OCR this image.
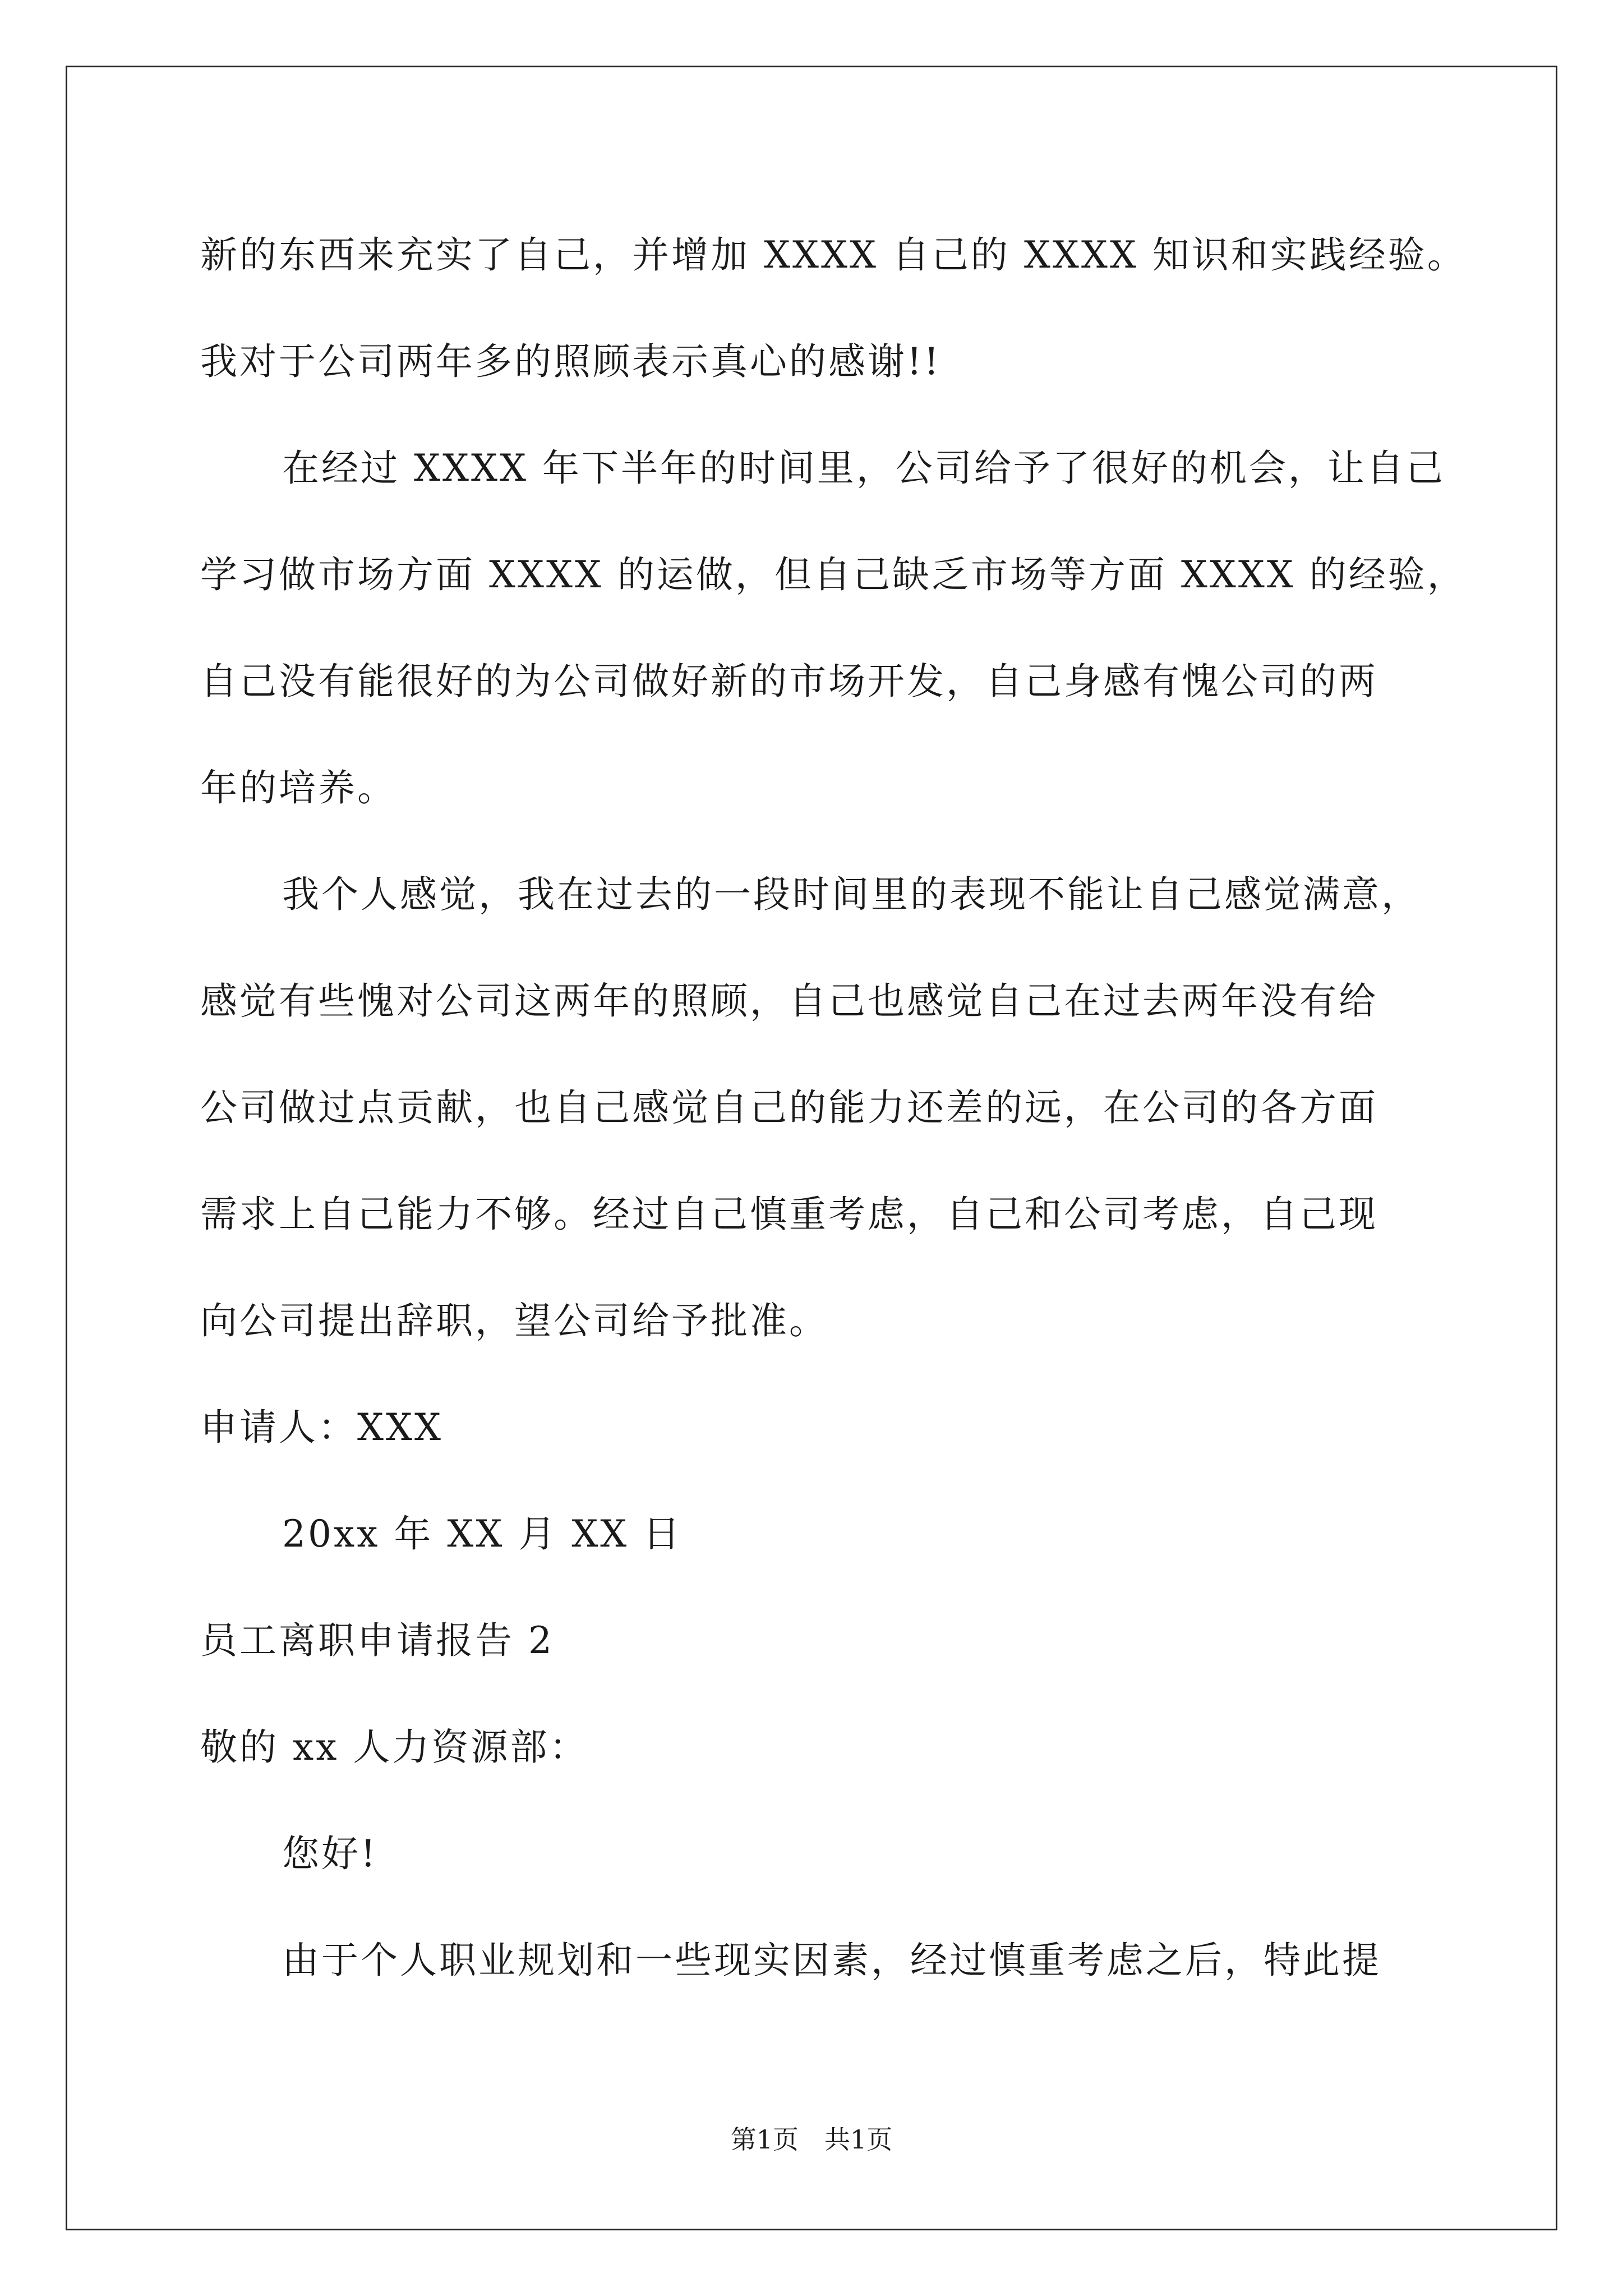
新的东西来充实了自己，并增加 XXXX 自己的 XXXX 知识和实践经验。
我对于公司两年多的照顾表示真心的感谢!!
在经过 XXXX 年下半年的时间里，公司给予了很好的机会，让自己
学习做市场方面 XXXX 的运做，但自己缺乏市场等方面 XXXX 的经验，
自己没有能很好的为公司做好新的市场开发，自己身感有愧公司的两
年的培养。
我个人感觉，我在过去的一段时间里的表现不能让自己感觉满意，
感觉有些愧对公司这两年的照顾，自己也感觉自己在过去两年没有给
公司做过点贡献，也自己感觉自己的能力还差的远，在公司的各方面
需求上自己能力不够。经过自己慎重考虑，自己和公司考虑，自己现
向公司提出辞职，望公司给予批准。
申请人：XXX
20xx 年 XX 月 XX 日
员工离职申请报告 2
敬的 xx 人力资源部：
您好!
由于个人职业规划和一些现实因素，经过慎重考虑之后，特此提
第1页 共1页
